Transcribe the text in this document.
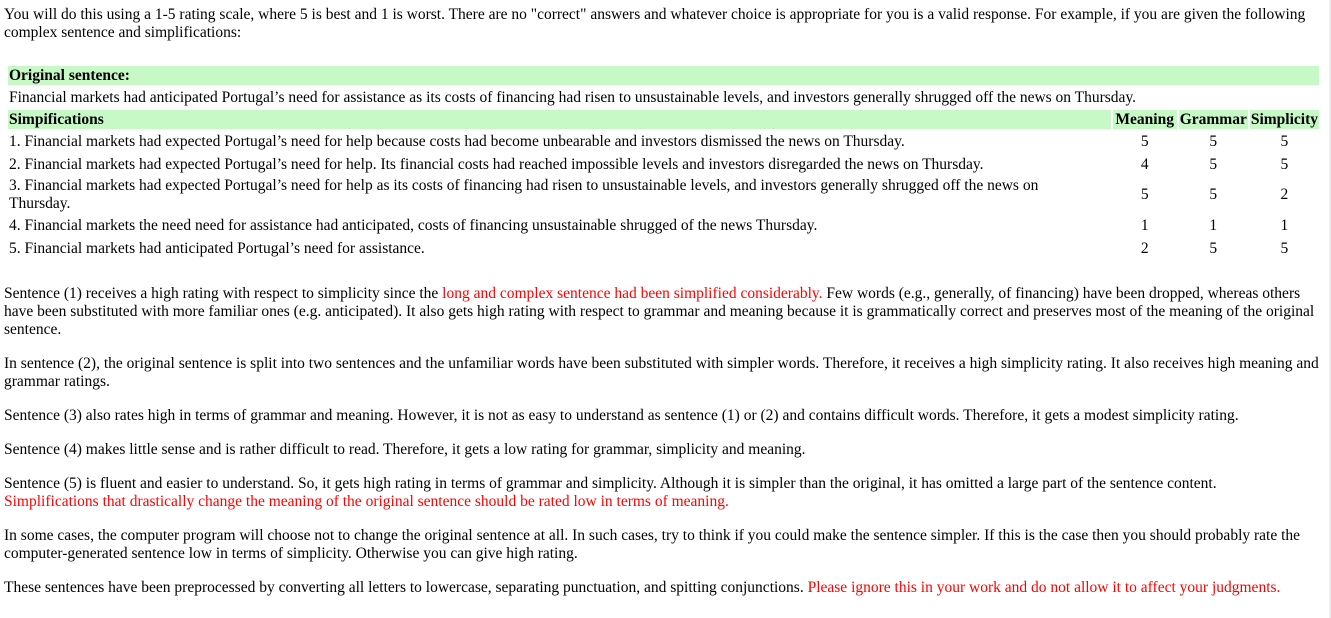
You will do this using a 1-5 rating scale, where 5 is best and 1 is worst. There are no "correct" answers and whatever choice is appropriate for you is a valid response. For example, if you are given the following complex sentence and simplifications:

Original sentence:			
Financial markets had anticipated Portugal’s need for assistance as its costs of financing had risen to unsustainable levels, and investors generally shrugged off the news on Thursday.			
Simpifications	Meaning	Grammar	Simplicity
1. Financial markets had expected Portugal’s need for help because costs had become unbearable and investors dismissed the news on Thursday.	5	5	5
2. Financial markets had expected Portugal’s need for help. Its financial costs had reached impossible levels and investors disregarded the news on Thursday.	4	5	5
3. Financial markets had expected Portugal’s need for help as its costs of financing had risen to unsustainable levels, and investors generally shrugged off the news on Thursday.	5	5	2
4. Financial markets the need need for assistance had anticipated, costs of financing unsustainable shrugged of the news Thursday.	1	1	1
5. Financial markets had anticipated Portugal’s need for assistance.	2	5	5

Sentence (1) receives a high rating with respect to simplicity since the long and complex sentence had been simplified considerably. Few words (e.g., generally, of financing) have been dropped, whereas others have been substituted with more familiar ones (e.g. anticipated). It also gets high rating with respect to grammar and meaning because it is grammatically correct and preserves most of the meaning of the original sentence.

In sentence (2), the original sentence is split into two sentences and the unfamiliar words have been substituted with simpler words. Therefore, it receives a high simplicity rating. It also receives high meaning and grammar ratings.

Sentence (3) also rates high in terms of grammar and meaning. However, it is not as easy to understand as sentence (1) or (2) and contains difficult words. Therefore, it gets a modest simplicity rating.

Sentence (4) makes little sense and is rather difficult to read. Therefore, it gets a low rating for grammar, simplicity and meaning.

Sentence (5) is fluent and easier to understand. So, it gets high rating in terms of grammar and simplicity. Although it is simpler than the original, it has omitted a large part of the sentence content.
Simplifications that drastically change the meaning of the original sentence should be rated low in terms of meaning.

In some cases, the computer program will choose not to change the original sentence at all. In such cases, try to think if you could make the sentence simpler. If this is the case then you should probably rate the computer-generated sentence low in terms of simplicity. Otherwise you can give high rating.

These sentences have been preprocessed by converting all letters to lowercase, separating punctuation, and spitting conjunctions. Please ignore this in your work and do not allow it to affect your judgments.
